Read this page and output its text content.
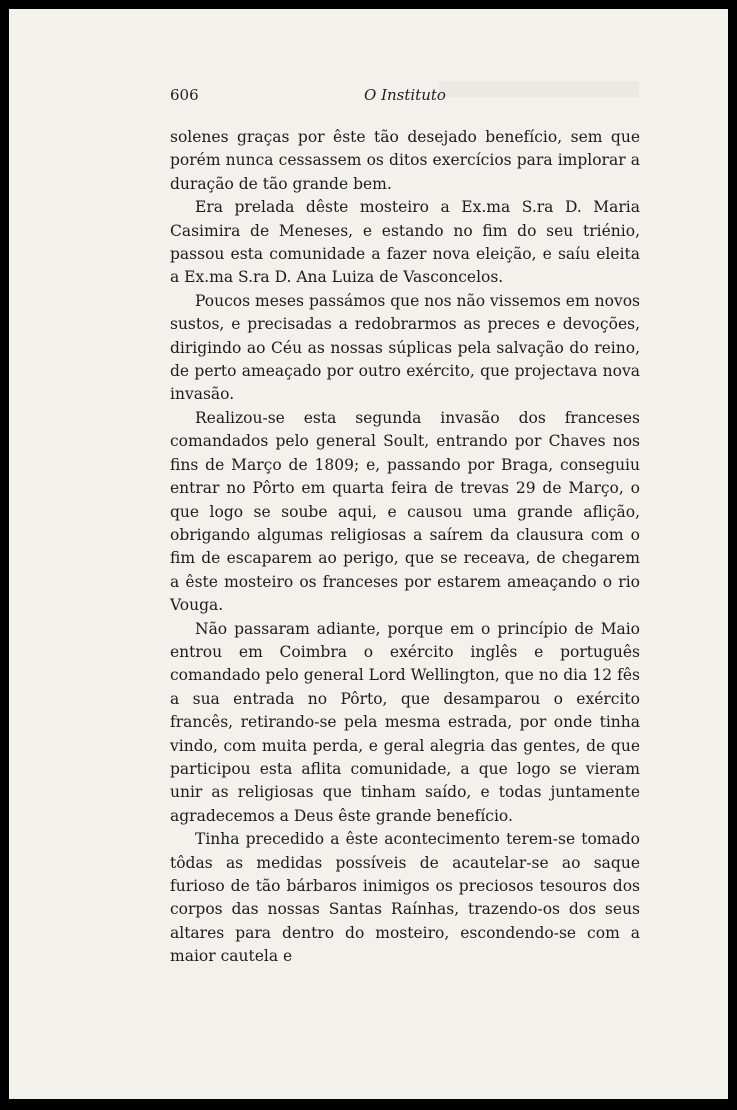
606	O Instituto

solenes graças por êste tão desejado benefício, sem que porém nunca cessassem os ditos exercícios para implorar a duração de tão grande bem.

Era prelada dêste mosteiro a Ex.ma S.ra D. Maria Casimira de Meneses, e estando no fim do seu triénio, passou esta comunidade a fazer nova eleição, e saíu eleita a Ex.ma S.ra D. Ana Luiza de Vasconcelos.

Poucos meses passámos que nos não vissemos em novos sustos, e precisadas a redobrarmos as preces e devoções, dirigindo ao Céu as nossas súplicas pela salvação do reino, de perto ameaçado por outro exército, que projectava nova invasão.

Realizou-se esta segunda invasão dos franceses comandados pelo general Soult, entrando por Chaves nos fins de Março de 1809; e, passando por Braga, conseguiu entrar no Pôrto em quarta feira de trevas 29 de Março, o que logo se soube aqui, e causou uma grande aflição, obrigando algumas religiosas a saírem da clausura com o fim de escaparem ao perigo, que se receava, de chegarem a êste mosteiro os franceses por estarem ameaçando o rio Vouga.

Não passaram adiante, porque em o princípio de Maio entrou em Coimbra o exército inglês e português comandado pelo general Lord Wellington, que no dia 12 fês a sua entrada no Pôrto, que desamparou o exército francês, retirando-se pela mesma estrada, por onde tinha vindo, com muita perda, e geral alegria das gentes, de que participou esta aflita comunidade, a que logo se vieram unir as religiosas que tinham saído, e todas juntamente agradecemos a Deus êste grande benefício.

Tinha precedido a êste acontecimento terem-se tomado tôdas as medidas possíveis de acautelar-se ao saque furioso de tão bárbaros inimigos os preciosos tesouros dos corpos das nossas Santas Raínhas, trazendo-os dos seus altares para dentro do mosteiro, escondendo-se com a maior cautela e
